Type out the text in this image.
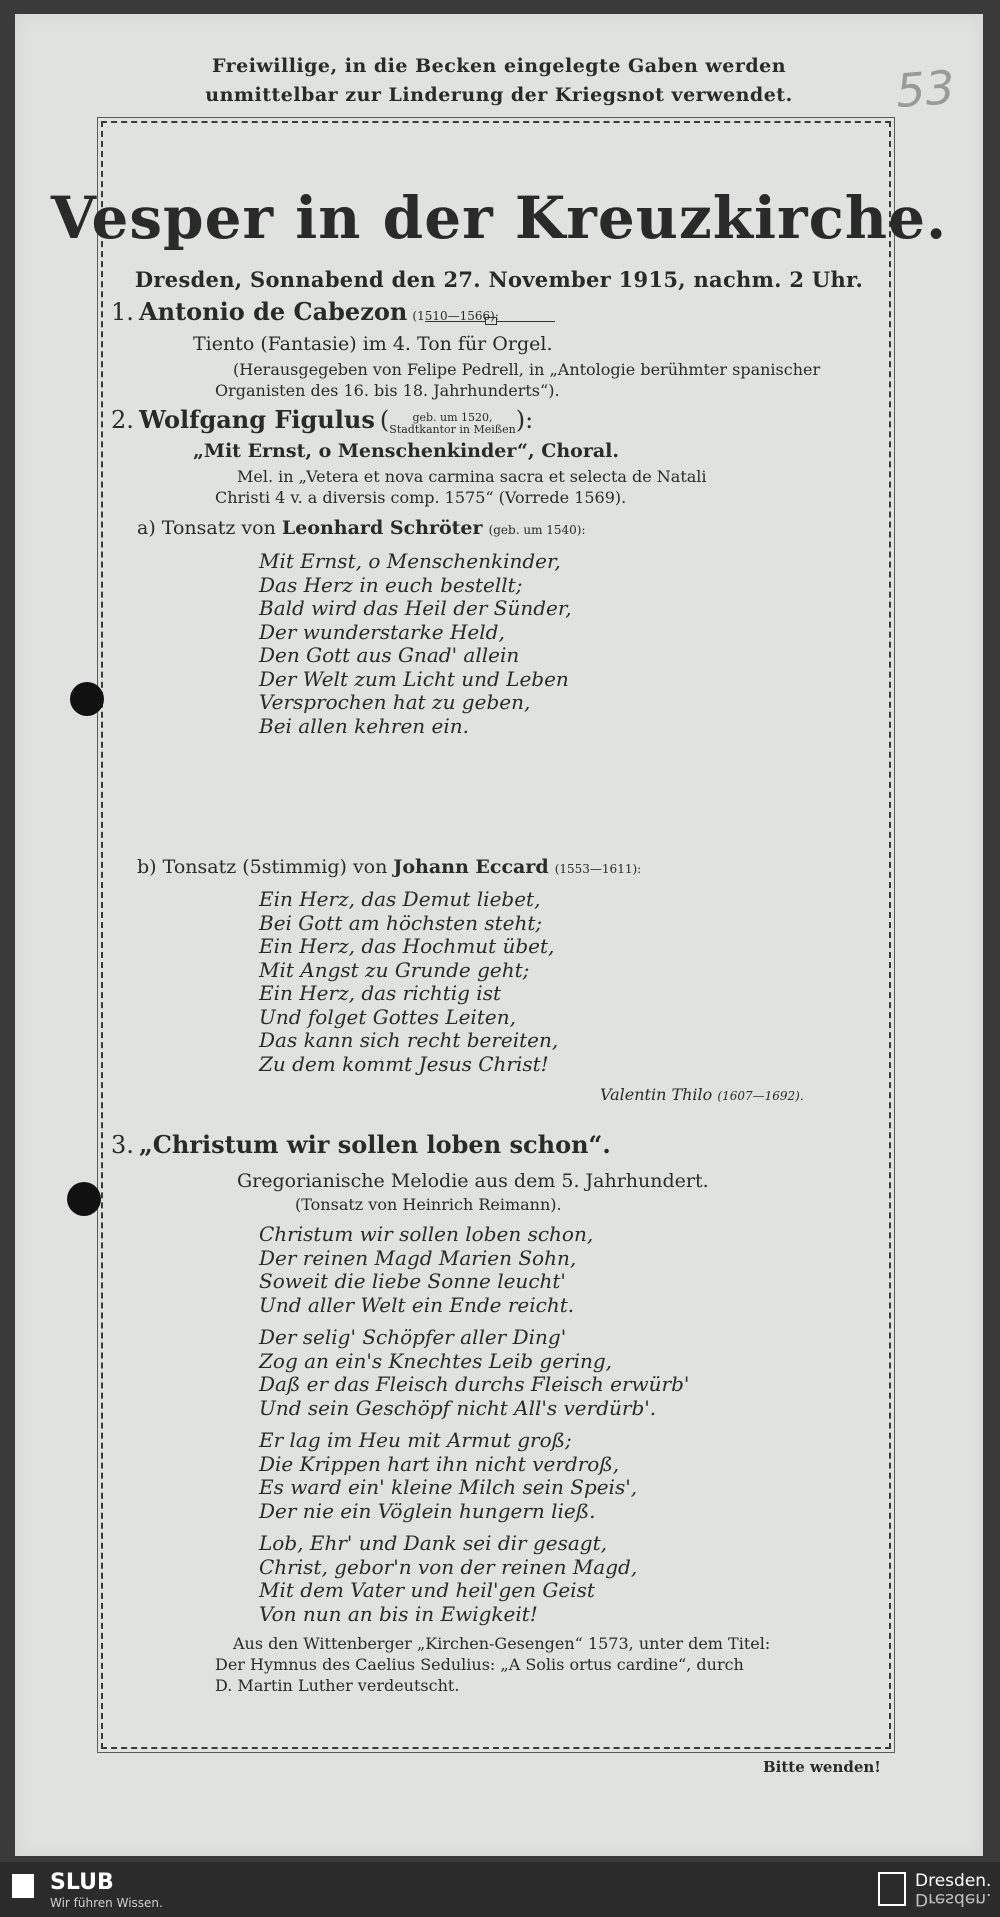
Freiwillige, in die Becken eingelegte Gaben werden
unmittelbar zur Linderung der Kriegsnot verwendet.	53
Vesper in der Kreuzkirche.
Dresden, Sonnabend den 27. November 1915, nachm. 2 Uhr.
1. Antonio de Cabezon (1510—1566):
Tiento (Fantasie) im 4. Ton für Orgel.
(Herausgegeben von Felipe Pedrell, in „Antologie berühmter spanischer
Organisten des 16. bis 18. Jahrhunderts“).
2. Wolfgang Figulus (	geb. um 1520,
Stadtkantor in Meißen ):
„Mit Ernst, o Menschenkinder“, Choral.
Mel. in „Vetera et nova carmina sacra et selecta de Natali
Christi 4 v. a diversis comp. 1575“ (Vorrede 1569).
a) Tonsatz von Leonhard Schröter (geb. um 1540):
Mit Ernst, o Menschenkinder,
Das Herz in euch bestellt;
Bald wird das Heil der Sünder,
Der wunderstarke Held,
Den Gott aus Gnad' allein
Der Welt zum Licht und Leben
Versprochen hat zu geben,
Bei allen kehren ein.
b) Tonsatz (5stimmig) von Johann Eccard (1553—1611):
Ein Herz, das Demut liebet,
Bei Gott am höchsten steht;
Ein Herz, das Hochmut übet,
Mit Angst zu Grunde geht;
Ein Herz, das richtig ist
Und folget Gottes Leiten,
Das kann sich recht bereiten,
Zu dem kommt Jesus Christ!
Valentin Thilo (1607—1692).
3. „Christum wir sollen loben schon“.
Gregorianische Melodie aus dem 5. Jahrhundert.
(Tonsatz von Heinrich Reimann).
Christum wir sollen loben schon,
Der reinen Magd Marien Sohn,
Soweit die liebe Sonne leucht'
Und aller Welt ein Ende reicht.
Der selig' Schöpfer aller Ding'
Zog an ein's Knechtes Leib gering,
Daß er das Fleisch durchs Fleisch erwürb'
Und sein Geschöpf nicht All's verdürb'.
Er lag im Heu mit Armut groß;
Die Krippen hart ihn nicht verdroß,
Es ward ein' kleine Milch sein Speis',
Der nie ein Vöglein hungern ließ.
Lob, Ehr' und Dank sei dir gesagt,
Christ, gebor'n von der reinen Magd,
Mit dem Vater und heil'gen Geist
Von nun an bis in Ewigkeit!
Aus den Wittenberger „Kirchen-Gesengen“ 1573, unter dem Titel:
Der Hymnus des Caelius Sedulius: „A Solis ortus cardine“, durch
D. Martin Luther verdeutscht.
Bitte wenden!
SLUB
Wir führen Wissen.
Dresden.
Dresden.
